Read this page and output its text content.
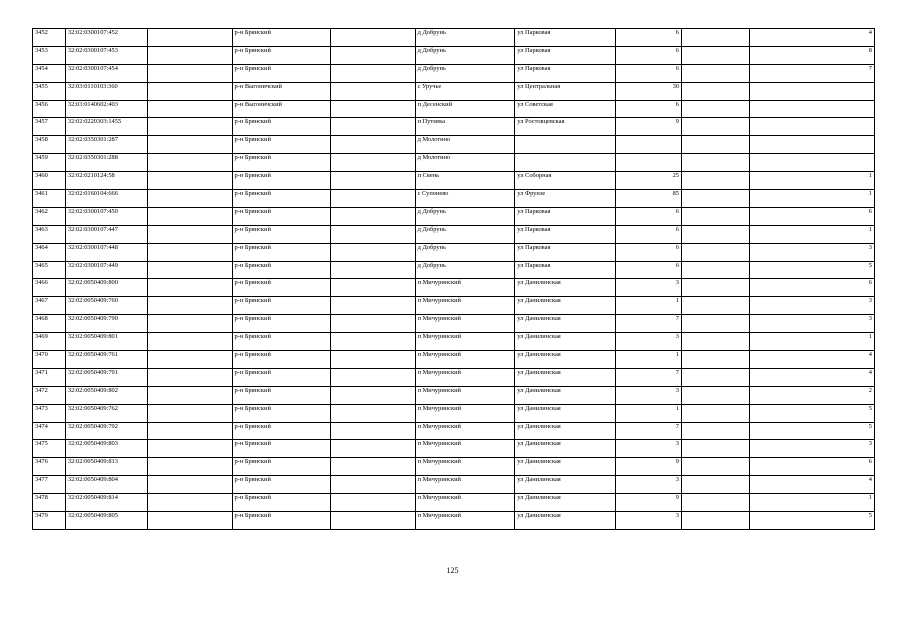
3452	32:02:0300107:452		р-н Брянский		д Добрунь	ул Парковая	6		4
3453	32:02:0300107:453		р-н Брянский		д Добрунь	ул Парковая	6		8
3454	32:02:0300107:454		р-н Брянский		д Добрунь	ул Парковая	6		7
3455	32:03:0110103:360		р-н Выгоничский		с Уручье	ул Центральная	30		
3456	32:03:0140602:403		р-н Выгоничский		п Десенский	ул Советская	6		
3457	32:02:0220303:1455		р-н Брянский		п Путевка	ул Ростовцевская	9		
3458	32:02:0350301:287		р-н Брянский		д Молотино				
3459	32:02:0350301:288		р-н Брянский		д Молотино				
3460	32:02:0210124:58		р-н Брянский		п Свень	ул Соборная	25		1
3461	32:02:0160104:666		р-н Брянский		с Супонево	ул Фрунзе	85		1
3462	32:02:0300107:450		р-н Брянский		д Добрунь	ул Парковая	6		6
3463	32:02:0300107:447		р-н Брянский		д Добрунь	ул Парковая	6		1
3464	32:02:0300107:448		р-н Брянский		д Добрунь	ул Парковая	6		3
3465	32:02:0300107:449		р-н Брянский		д Добрунь	ул Парковая	6		5
3466	32:02:0050409:800		р-н Брянский		п Мичуринский	ул Данилинская	3		6
3467	32:02:0050409:760		р-н Брянский		п Мичуринский	ул Данилинская	1		3
3468	32:02:0050409:790		р-н Брянский		п Мичуринский	ул Данилинская	7		3
3469	32:02:0050409:801		р-н Брянский		п Мичуринский	ул Данилинская	3		1
3470	32:02:0050409:761		р-н Брянский		п Мичуринский	ул Данилинская	1		4
3471	32:02:0050409:791		р-н Брянский		п Мичуринский	ул Данилинская	7		4
3472	32:02:0050409:802		р-н Брянский		п Мичуринский	ул Данилинская	3		2
3473	32:02:0050409:762		р-н Брянский		п Мичуринский	ул Данилинская	1		5
3474	32:02:0050409:792		р-н Брянский		п Мичуринский	ул Данилинская	7		5
3475	32:02:0050409:803		р-н Брянский		п Мичуринский	ул Данилинская	3		3
3476	32:02:0050409:813		р-н Брянский		п Мичуринский	ул Данилинская	9		6
3477	32:02:0050409:804		р-н Брянский		п Мичуринский	ул Данилинская	3		4
3478	32:02:0050409:814		р-н Брянский		п Мичуринский	ул Данилинская	9		1
3479	32:02:0050409:805		р-н Брянский		п Мичуринский	ул Данилинская	3		5
125
